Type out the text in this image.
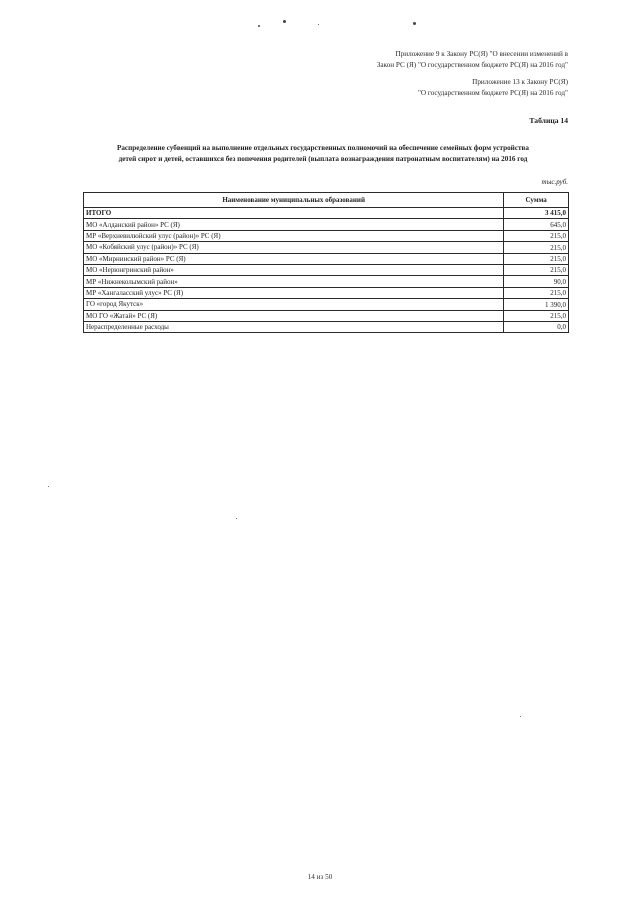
Приложение 9 к Закону РС(Я) "О внесении изменений в
Закон РС (Я) "О государственном бюджете РС(Я) на 2016 год"
Приложение 13 к Закону РС(Я)
"О государственном бюджете РС(Я) на 2016 год"
Таблица 14
Распределение субвенций на выполнение отдельных государственных полномочий на обеспечение семейных форм устройства
детей сирот и детей, оставшихся без попечения родителей (выплата вознаграждения патронатным воспитателям) на 2016 год
тыс.руб.
Наименование муниципальных образований	Сумма
ИТОГО	3 415,0
МО «Алданский район» РС (Я)	645,0
МР «Верхневилюйский улус (район)» РС (Я)	215,0
МО «Кобяйский улус (район)» РС (Я)	215,0
МО «Мирнинский район» РС (Я)	215,0
МО «Нерюнгринский район»	215,0
МР «Нижнеколымский район»	90,0
МР «Хангаласский улус» РС (Я)	215,0
ГО «город Якутск»	1 390,0
МО ГО «Жатай» РС (Я)	215,0
Нераспределенные расходы	0,0
14 из 50
